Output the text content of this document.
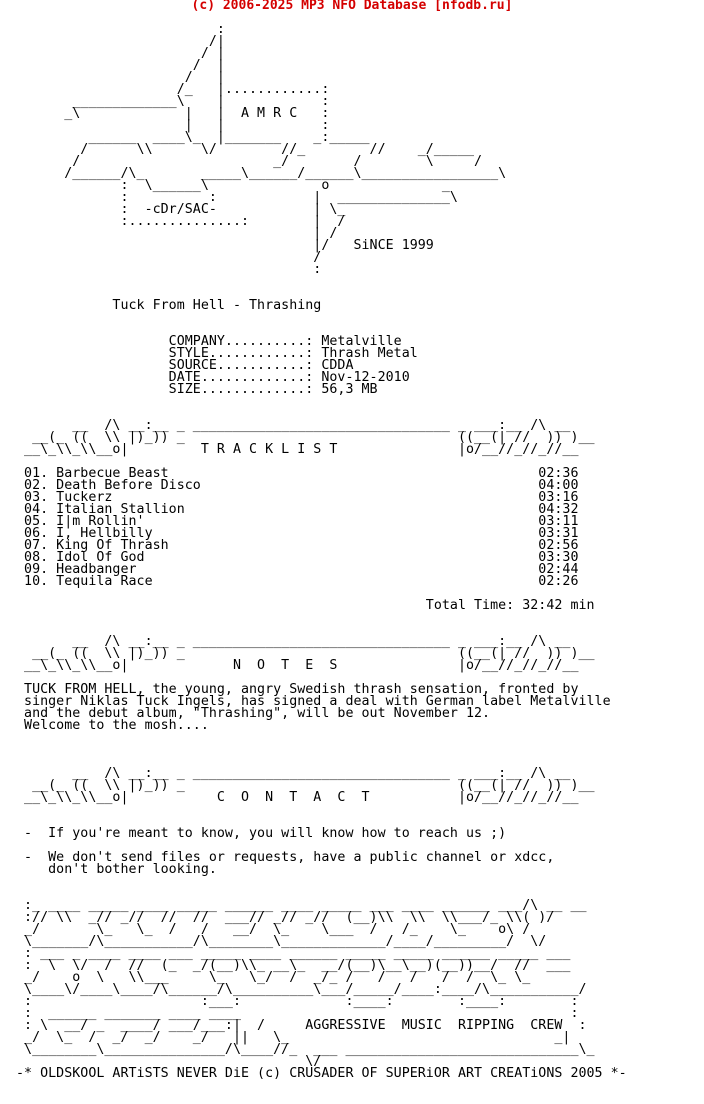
(c) 2006-2025 MP3 NFO Database [nfodb.ru]
:
/|
/ |
/  |
/   |
/_   |............:
_____________\    |            :
_\             |   |  A M R C   :
|   |            :
______  ____\_  |_______    _:_____
/      \\      \/        //_        //    _/_____
/                        _/        /        \     /
/______/\_       _____\______/______\_________________\
:  \______\              o              _
:          :            |  ______________\
:  -cDr/SAC-            | \_
:..............:        |  /
| /
|/   SiNCE 1999
/
:

Tuck From Hell - Thrashing

COMPANY..........: Metalville
STYLE............: Thrash Metal
SOURCE...........: CDDA
DATE.............: Nov-12-2010
SIZE.............: 56,3 MB

__  /\ __:__ _ ________________________________ _ ___:__ /\ __
__(_ ((  \\ |)_)) _                                  ((__(| //  )) )__
__\_\\_\\__o|         T R A C K L I S T               |o/__//_//_//__

01. Barbecue Beast                                              02:36
02. Death Before Disco                                          04:00
03. Tuckerz                                                     03:16
04. Italian Stallion                                            04:32
05. I|m Rollin'                                                 03:11
06. I, Hellbilly                                                03:31
07. King Of Thrash                                              02:56
08. Idol Of God                                                 03:30
09. Headbanger                                                  02:44
10. Tequila Race                                                02:26

Total Time: 32:42 min

__  /\ __:__ _ ________________________________ _ ___:__ /\ __
__(_ ((  \\ |)_)) _                                  ((__(| //  )) )__
__\_\\_\\__o|             N  O  T  E  S               |o/__//_//_//__

TUCK FROM HELL, the young, angry Swedish thrash sensation, fronted by
singer Niklas Tuck Ingels, has signed a deal with German label Metalville
and the debut album, "Thrashing", will be out November 12.
Welcome to the mosh....

__  /\ __:__ _ ________________________________ _ ___:__ /\ __
__(_ ((  \\ |)_)) _                                  ((__(| //  )) )__
__\_\\_\\__o|           C  O  N  T  A  C  T           |o/__//_//_//__

-  If you're meant to know, you will know how to reach us ;)

-  We don't send files or requests, have a public channel or xdcc,
don't bother looking.

:_ ____ _____ ____ _____ ______ ____ _____ ___ ____ ______ ___/\ __ __
:// \\  _// _//  //  //  ___// _// _//  (__)\\  \\  \\___/_ \\( )/
_/       \_   \_  /   /   __/  \_    \___  /   /_    \_    o\ /
\_______/\___________/\________\_____________/____/_________/  \/
: ___ _ ____ ____ ___ _____ ____ ______ _____ _____ ______ _____ ___
:  \  \/  /  //  (_  _/(__)\\_ __\_  __/(__)\__\__)(__))__/  //  ___
_/    o  \   \\___     \_   \_/  /  _/_ /   /   /   /  /  \_ \_
\____\/____\____/\______/\__________\___/_____/____:____/\___________/
:                     :___:             :____:        :____:        :
:  ______ _______ ____ ____                                         :
: \  __/ _  ____/ ___/___:|  /     AGGRESSIVE  MUSIC  RIPPING  CREW  :
_/  \_  /  _/  _/    _/   ||   \_                                 _|
\________\_______________/\____//_  ___ _____________________________\_
\/
-* OLDSKOOL ARTiSTS NEVER DiE (c) CRUSADER OF SUPERiOR ART CREATiONS 2005 *-
